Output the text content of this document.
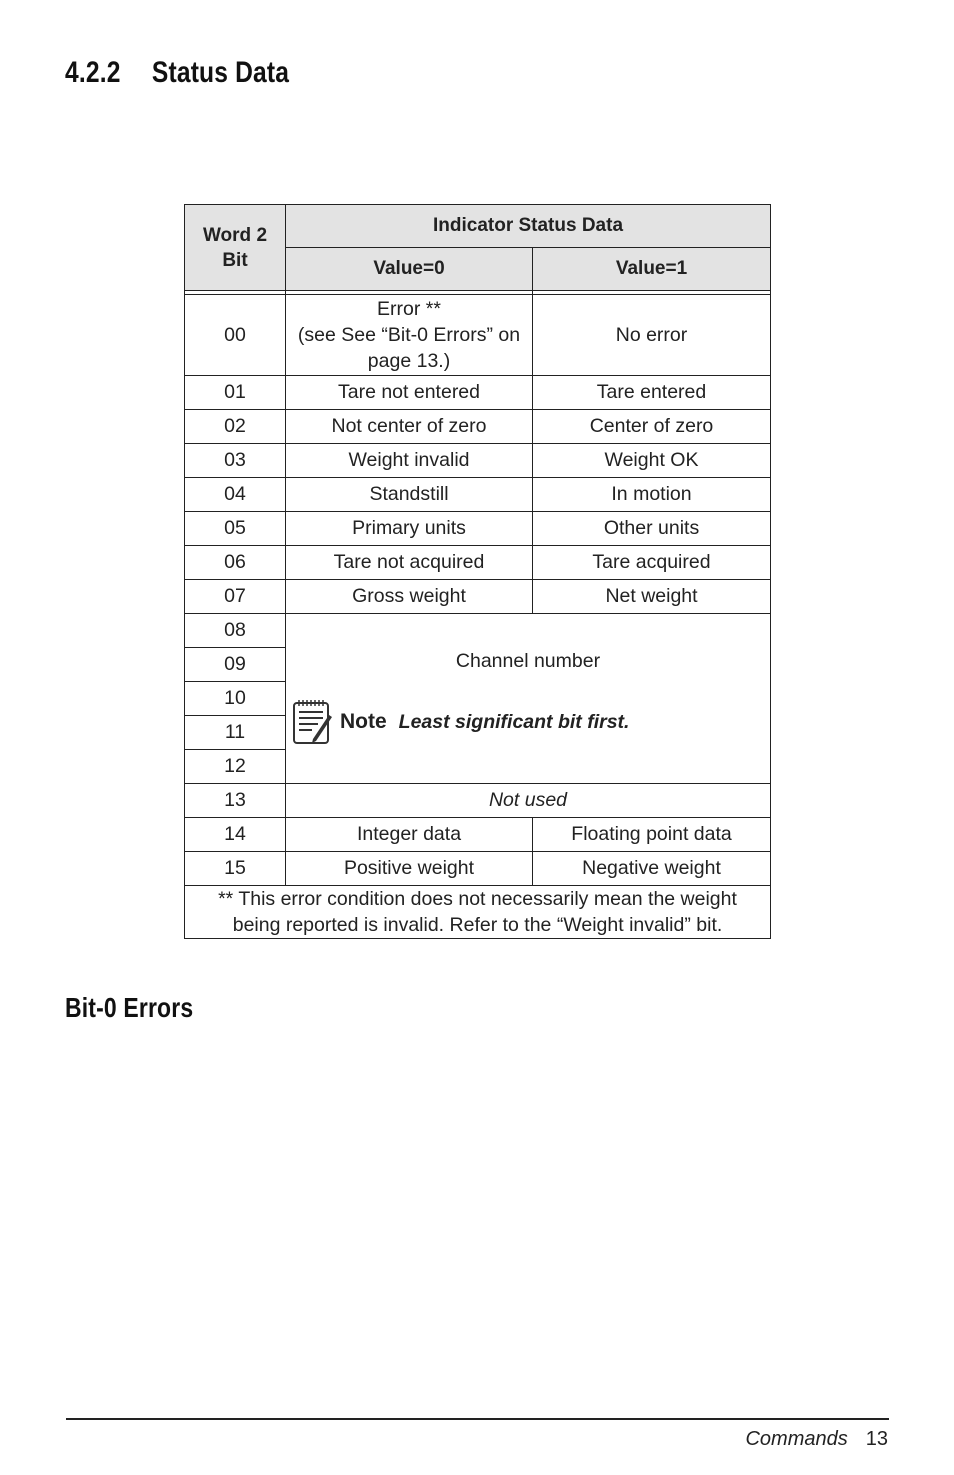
4.2.2 Status Data
Word 2
Bit	Indicator Status Data	
	Value=0	Value=1

00	Error **
(see See “Bit-0 Errors” on
page 13.)	No error
01	Tare not entered	Tare entered
02	Not center of zero	Center of zero
03	Weight invalid	Weight OK
04	Standstill	In motion
05	Primary units	Other units
06	Tare not acquired	Tare acquired
07	Gross weight	Net weight
08	Channel number
Note Least significant bit first.	

09		
10		
11		
12		
13	Not used	
14	Integer data	Floating point data
15	Positive weight	Negative weight
** This error condition does not necessarily mean the weight
being reported is invalid. Refer to the “Weight invalid” bit.		
Bit-0 Errors
Commands 13
